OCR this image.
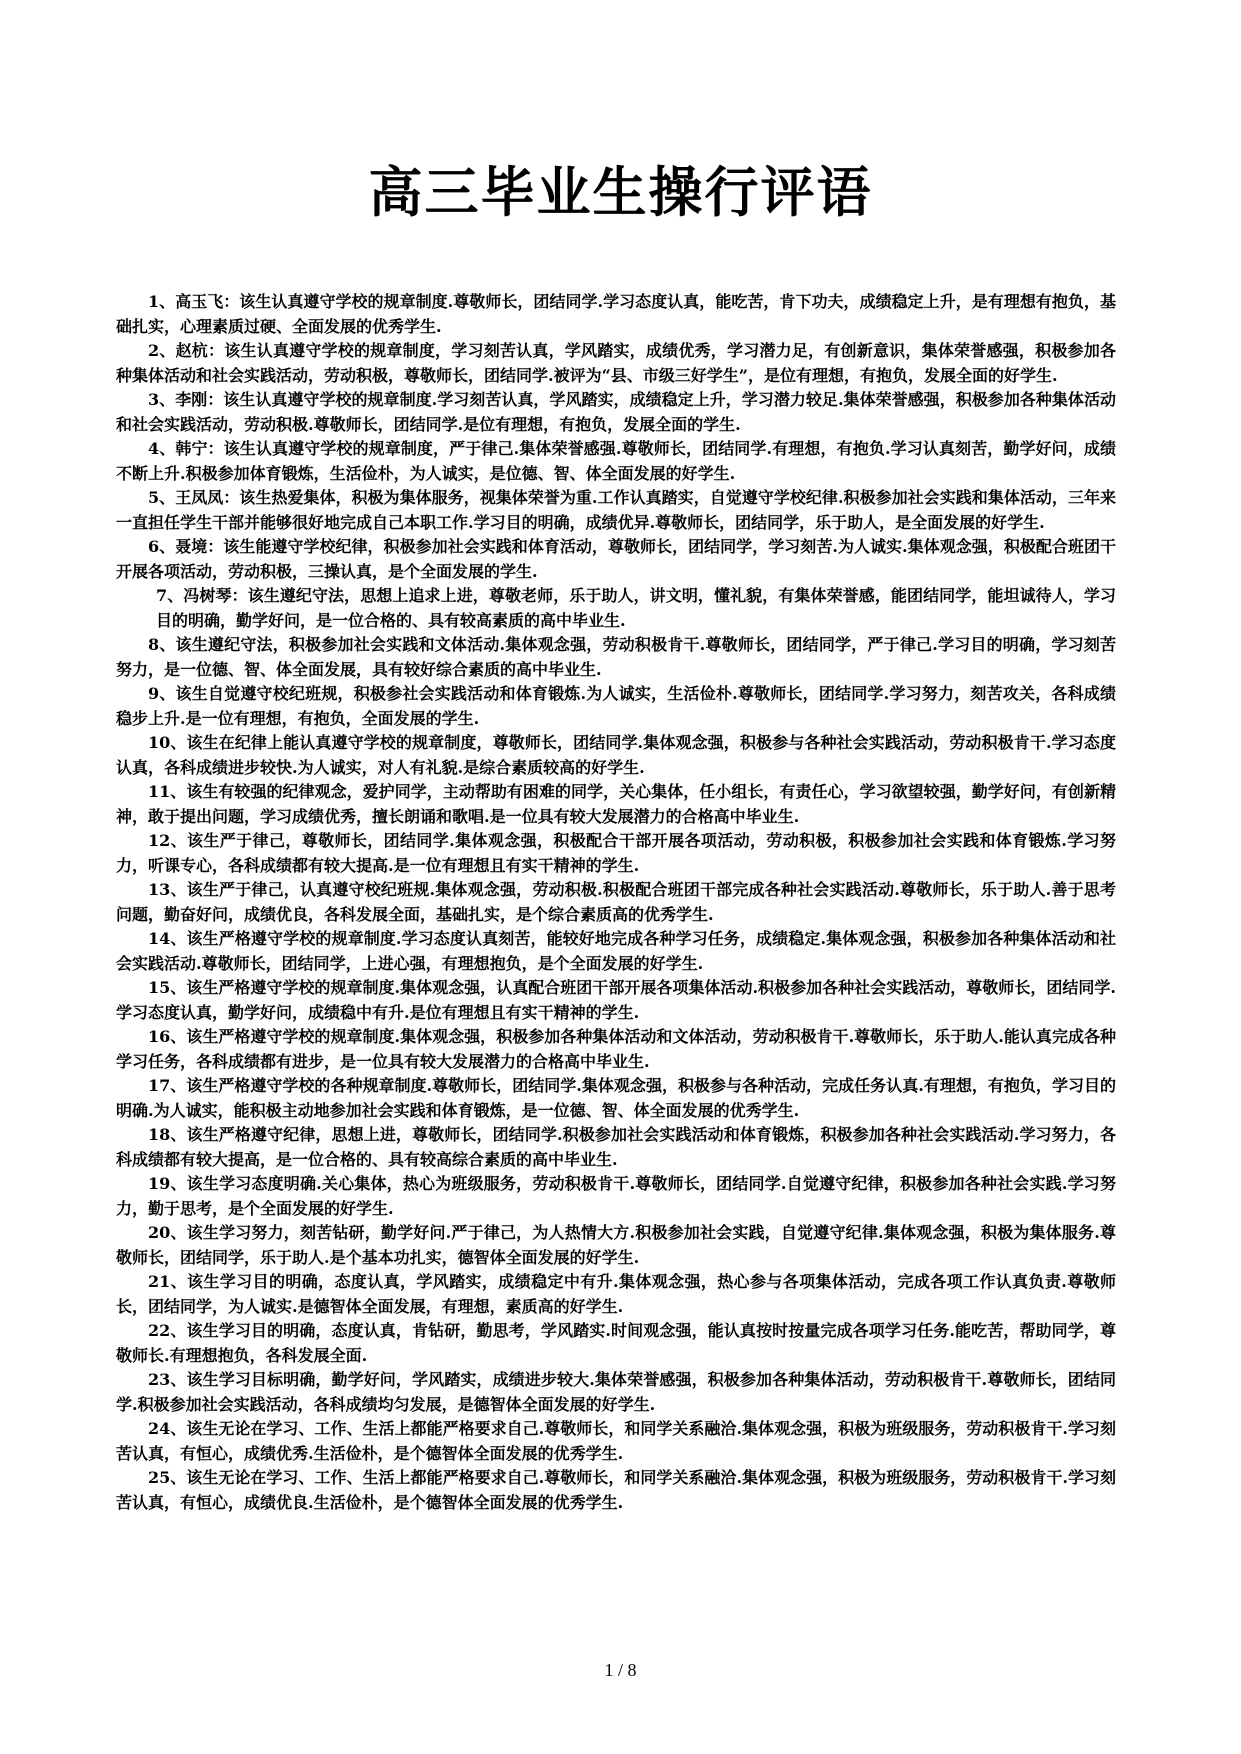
高三毕业生操行评语

1、高玉飞：该生认真遵守学校的规章制度.尊敬师长，团结同学.学习态度认真，能吃苦，肯下功夫，成绩稳定上升，是有理想有抱负，基础扎实，心理素质过硬、全面发展的优秀学生.

2、赵杭：该生认真遵守学校的规章制度，学习刻苦认真，学风踏实，成绩优秀，学习潜力足，有创新意识，集体荣誉感强，积极参加各种集体活动和社会实践活动，劳动积极，尊敬师长，团结同学.被评为“县、市级三好学生”，是位有理想，有抱负，发展全面的好学生.

3、李刚：该生认真遵守学校的规章制度.学习刻苦认真，学风踏实，成绩稳定上升，学习潜力较足.集体荣誉感强，积极参加各种集体活动和社会实践活动，劳动积极.尊敬师长，团结同学.是位有理想，有抱负，发展全面的学生.

4、韩宁：该生认真遵守学校的规章制度，严于律己.集体荣誉感强.尊敬师长，团结同学.有理想，有抱负.学习认真刻苦，勤学好问，成绩不断上升.积极参加体育锻炼，生活俭朴，为人诚实，是位德、智、体全面发展的好学生.

5、王凤凤：该生热爱集体，积极为集体服务，视集体荣誉为重.工作认真踏实，自觉遵守学校纪律.积极参加社会实践和集体活动，三年来一直担任学生干部并能够很好地完成自己本职工作.学习目的明确，成绩优异.尊敬师长，团结同学，乐于助人，是全面发展的好学生.

6、聂境：该生能遵守学校纪律，积极参加社会实践和体育活动，尊敬师长，团结同学，学习刻苦.为人诚实.集体观念强，积极配合班团干开展各项活动，劳动积极，三操认真，是个全面发展的学生.

7、冯树琴：该生遵纪守法，思想上追求上进，尊敬老师，乐于助人，讲文明，懂礼貌，有集体荣誉感，能团结同学，能坦诚待人，学习目的明确，勤学好问，是一位合格的、具有较高素质的高中毕业生.

8、该生遵纪守法，积极参加社会实践和文体活动.集体观念强，劳动积极肯干.尊敬师长，团结同学，严于律己.学习目的明确，学习刻苦努力，是一位德、智、体全面发展，具有较好综合素质的高中毕业生.

9、该生自觉遵守校纪班规，积极参社会实践活动和体育锻炼.为人诚实，生活俭朴.尊敬师长，团结同学.学习努力，刻苦攻关，各科成绩稳步上升.是一位有理想，有抱负，全面发展的学生.

10、该生在纪律上能认真遵守学校的规章制度，尊敬师长，团结同学.集体观念强，积极参与各种社会实践活动，劳动积极肯干.学习态度认真，各科成绩进步较快.为人诚实，对人有礼貌.是综合素质较高的好学生.

11、该生有较强的纪律观念，爱护同学，主动帮助有困难的同学，关心集体，任小组长，有责任心，学习欲望较强，勤学好问，有创新精神，敢于提出问题，学习成绩优秀，擅长朗诵和歌唱.是一位具有较大发展潜力的合格高中毕业生.

12、该生严于律己，尊敬师长，团结同学.集体观念强，积极配合干部开展各项活动，劳动积极，积极参加社会实践和体育锻炼.学习努力，听课专心，各科成绩都有较大提高.是一位有理想且有实干精神的学生.

13、该生严于律己，认真遵守校纪班规.集体观念强，劳动积极.积极配合班团干部完成各种社会实践活动.尊敬师长，乐于助人.善于思考问题，勤奋好问，成绩优良，各科发展全面，基础扎实，是个综合素质高的优秀学生.

14、该生严格遵守学校的规章制度.学习态度认真刻苦，能较好地完成各种学习任务，成绩稳定.集体观念强，积极参加各种集体活动和社会实践活动.尊敬师长，团结同学，上进心强，有理想抱负，是个全面发展的好学生.

15、该生严格遵守学校的规章制度.集体观念强，认真配合班团干部开展各项集体活动.积极参加各种社会实践活动，尊敬师长，团结同学.学习态度认真，勤学好问，成绩稳中有升.是位有理想且有实干精神的学生.

16、该生严格遵守学校的规章制度.集体观念强，积极参加各种集体活动和文体活动，劳动积极肯干.尊敬师长，乐于助人.能认真完成各种学习任务，各科成绩都有进步，是一位具有较大发展潜力的合格高中毕业生.

17、该生严格遵守学校的各种规章制度.尊敬师长，团结同学.集体观念强，积极参与各种活动，完成任务认真.有理想，有抱负，学习目的明确.为人诚实，能积极主动地参加社会实践和体育锻炼，是一位德、智、体全面发展的优秀学生.

18、该生严格遵守纪律，思想上进，尊敬师长，团结同学.积极参加社会实践活动和体育锻炼，积极参加各种社会实践活动.学习努力，各科成绩都有较大提高，是一位合格的、具有较高综合素质的高中毕业生.

19、该生学习态度明确.关心集体，热心为班级服务，劳动积极肯干.尊敬师长，团结同学.自觉遵守纪律，积极参加各种社会实践.学习努力，勤于思考，是个全面发展的好学生.

20、该生学习努力，刻苦钻研，勤学好问.严于律己，为人热情大方.积极参加社会实践，自觉遵守纪律.集体观念强，积极为集体服务.尊敬师长，团结同学，乐于助人.是个基本功扎实，德智体全面发展的好学生.

21、该生学习目的明确，态度认真，学风踏实，成绩稳定中有升.集体观念强，热心参与各项集体活动，完成各项工作认真负责.尊敬师长，团结同学，为人诚实.是德智体全面发展，有理想，素质高的好学生.

22、该生学习目的明确，态度认真，肯钻研，勤思考，学风踏实.时间观念强，能认真按时按量完成各项学习任务.能吃苦，帮助同学，尊敬师长.有理想抱负，各科发展全面.

23、该生学习目标明确，勤学好问，学风踏实，成绩进步较大.集体荣誉感强，积极参加各种集体活动，劳动积极肯干.尊敬师长，团结同学.积极参加社会实践活动，各科成绩均匀发展，是德智体全面发展的好学生.

24、该生无论在学习、工作、生活上都能严格要求自己.尊敬师长，和同学关系融洽.集体观念强，积极为班级服务，劳动积极肯干.学习刻苦认真，有恒心，成绩优秀.生活俭朴，是个德智体全面发展的优秀学生.

25、该生无论在学习、工作、生活上都能严格要求自己.尊敬师长，和同学关系融洽.集体观念强，积极为班级服务，劳动积极肯干.学习刻苦认真，有恒心，成绩优良.生活俭朴，是个德智体全面发展的优秀学生.

1 / 8
